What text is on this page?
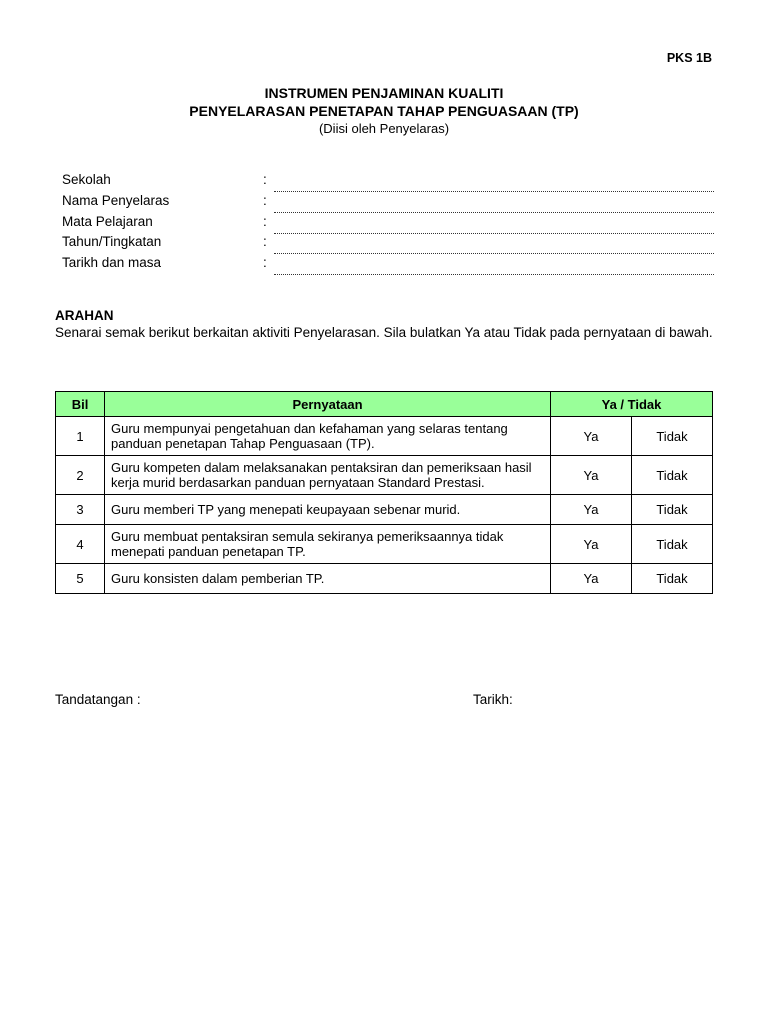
PKS 1B
INSTRUMEN PENJAMINAN KUALITI
PENYELARASAN PENETAPAN TAHAP PENGUASAAN (TP)
(Diisi oleh Penyelaras)
Sekolah	:
Nama Penyelaras	:
Mata Pelajaran	:
Tahun/Tingkatan	:
Tarikh dan masa	:
ARAHAN
Senarai semak berikut berkaitan aktiviti Penyelarasan. Sila bulatkan Ya atau Tidak pada pernyataan di bawah.
Bil	Pernyataan	Ya / Tidak	
1	Guru mempunyai pengetahuan dan kefahaman yang selaras tentang
panduan penetapan Tahap Penguasaan (TP).	Ya	Tidak
2	Guru kompeten dalam melaksanakan pentaksiran dan pemeriksaan hasil
kerja murid berdasarkan panduan pernyataan Standard Prestasi.	Ya	Tidak
3	Guru memberi TP yang menepati keupayaan sebenar murid.	Ya	Tidak
4	Guru membuat pentaksiran semula sekiranya pemeriksaannya tidak
menepati panduan penetapan TP.	Ya	Tidak
5	Guru konsisten dalam pemberian TP.	Ya	Tidak
Tandatangan :	Tarikh:
